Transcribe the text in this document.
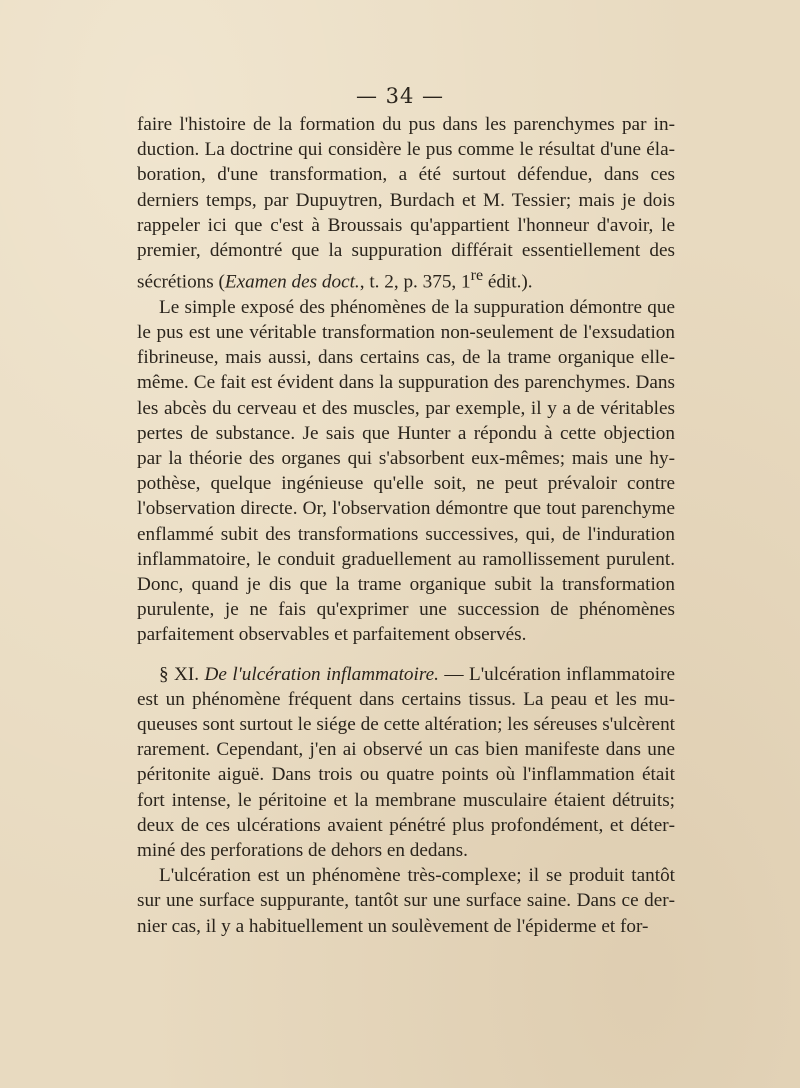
— 34 —

faire l'histoire de la formation du pus dans les parenchymes par induction. La doctrine qui considère le pus comme le résultat d'une élaboration, d'une transformation, a été surtout défendue, dans ces derniers temps, par Dupuytren, Burdach et M. Tessier; mais je dois rappeler ici que c'est à Broussais qu'appartient l'honneur d'avoir, le premier, démontré que la suppuration différait essentiellement des sécrétions (Examen des doct., t. 2, p. 375, 1re édit.).

Le simple exposé des phénomènes de la suppuration démontre que le pus est une véritable transformation non-seulement de l'exsudation fibrineuse, mais aussi, dans certains cas, de la trame organique elle-même. Ce fait est évident dans la suppuration des parenchymes. Dans les abcès du cerveau et des muscles, par exemple, il y a de véritables pertes de substance. Je sais que Hunter a répondu à cette objection par la théorie des organes qui s'absorbent eux-mêmes; mais une hypothèse, quelque ingénieuse qu'elle soit, ne peut prévaloir contre l'observation directe. Or, l'observation démontre que tout parenchyme enflammé subit des transformations successives, qui, de l'induration inflammatoire, le conduit graduellement au ramollissement purulent. Donc, quand je dis que la trame organique subit la transformation purulente, je ne fais qu'exprimer une succession de phénomènes parfaitement observables et parfaitement observés.

§ XI. De l'ulcération inflammatoire. — L'ulcération inflammatoire est un phénomène fréquent dans certains tissus. La peau et les muqueuses sont surtout le siége de cette altération; les séreuses s'ulcèrent rarement. Cependant, j'en ai observé un cas bien manifeste dans une péritonite aiguë. Dans trois ou quatre points où l'inflammation était fort intense, le péritoine et la membrane musculaire étaient détruits; deux de ces ulcérations avaient pénétré plus profondément, et déterminé des perforations de dehors en dedans.

L'ulcération est un phénomène très-complexe; il se produit tantôt sur une surface suppurante, tantôt sur une surface saine. Dans ce dernier cas, il y a habituellement un soulèvement de l'épiderme et for-
